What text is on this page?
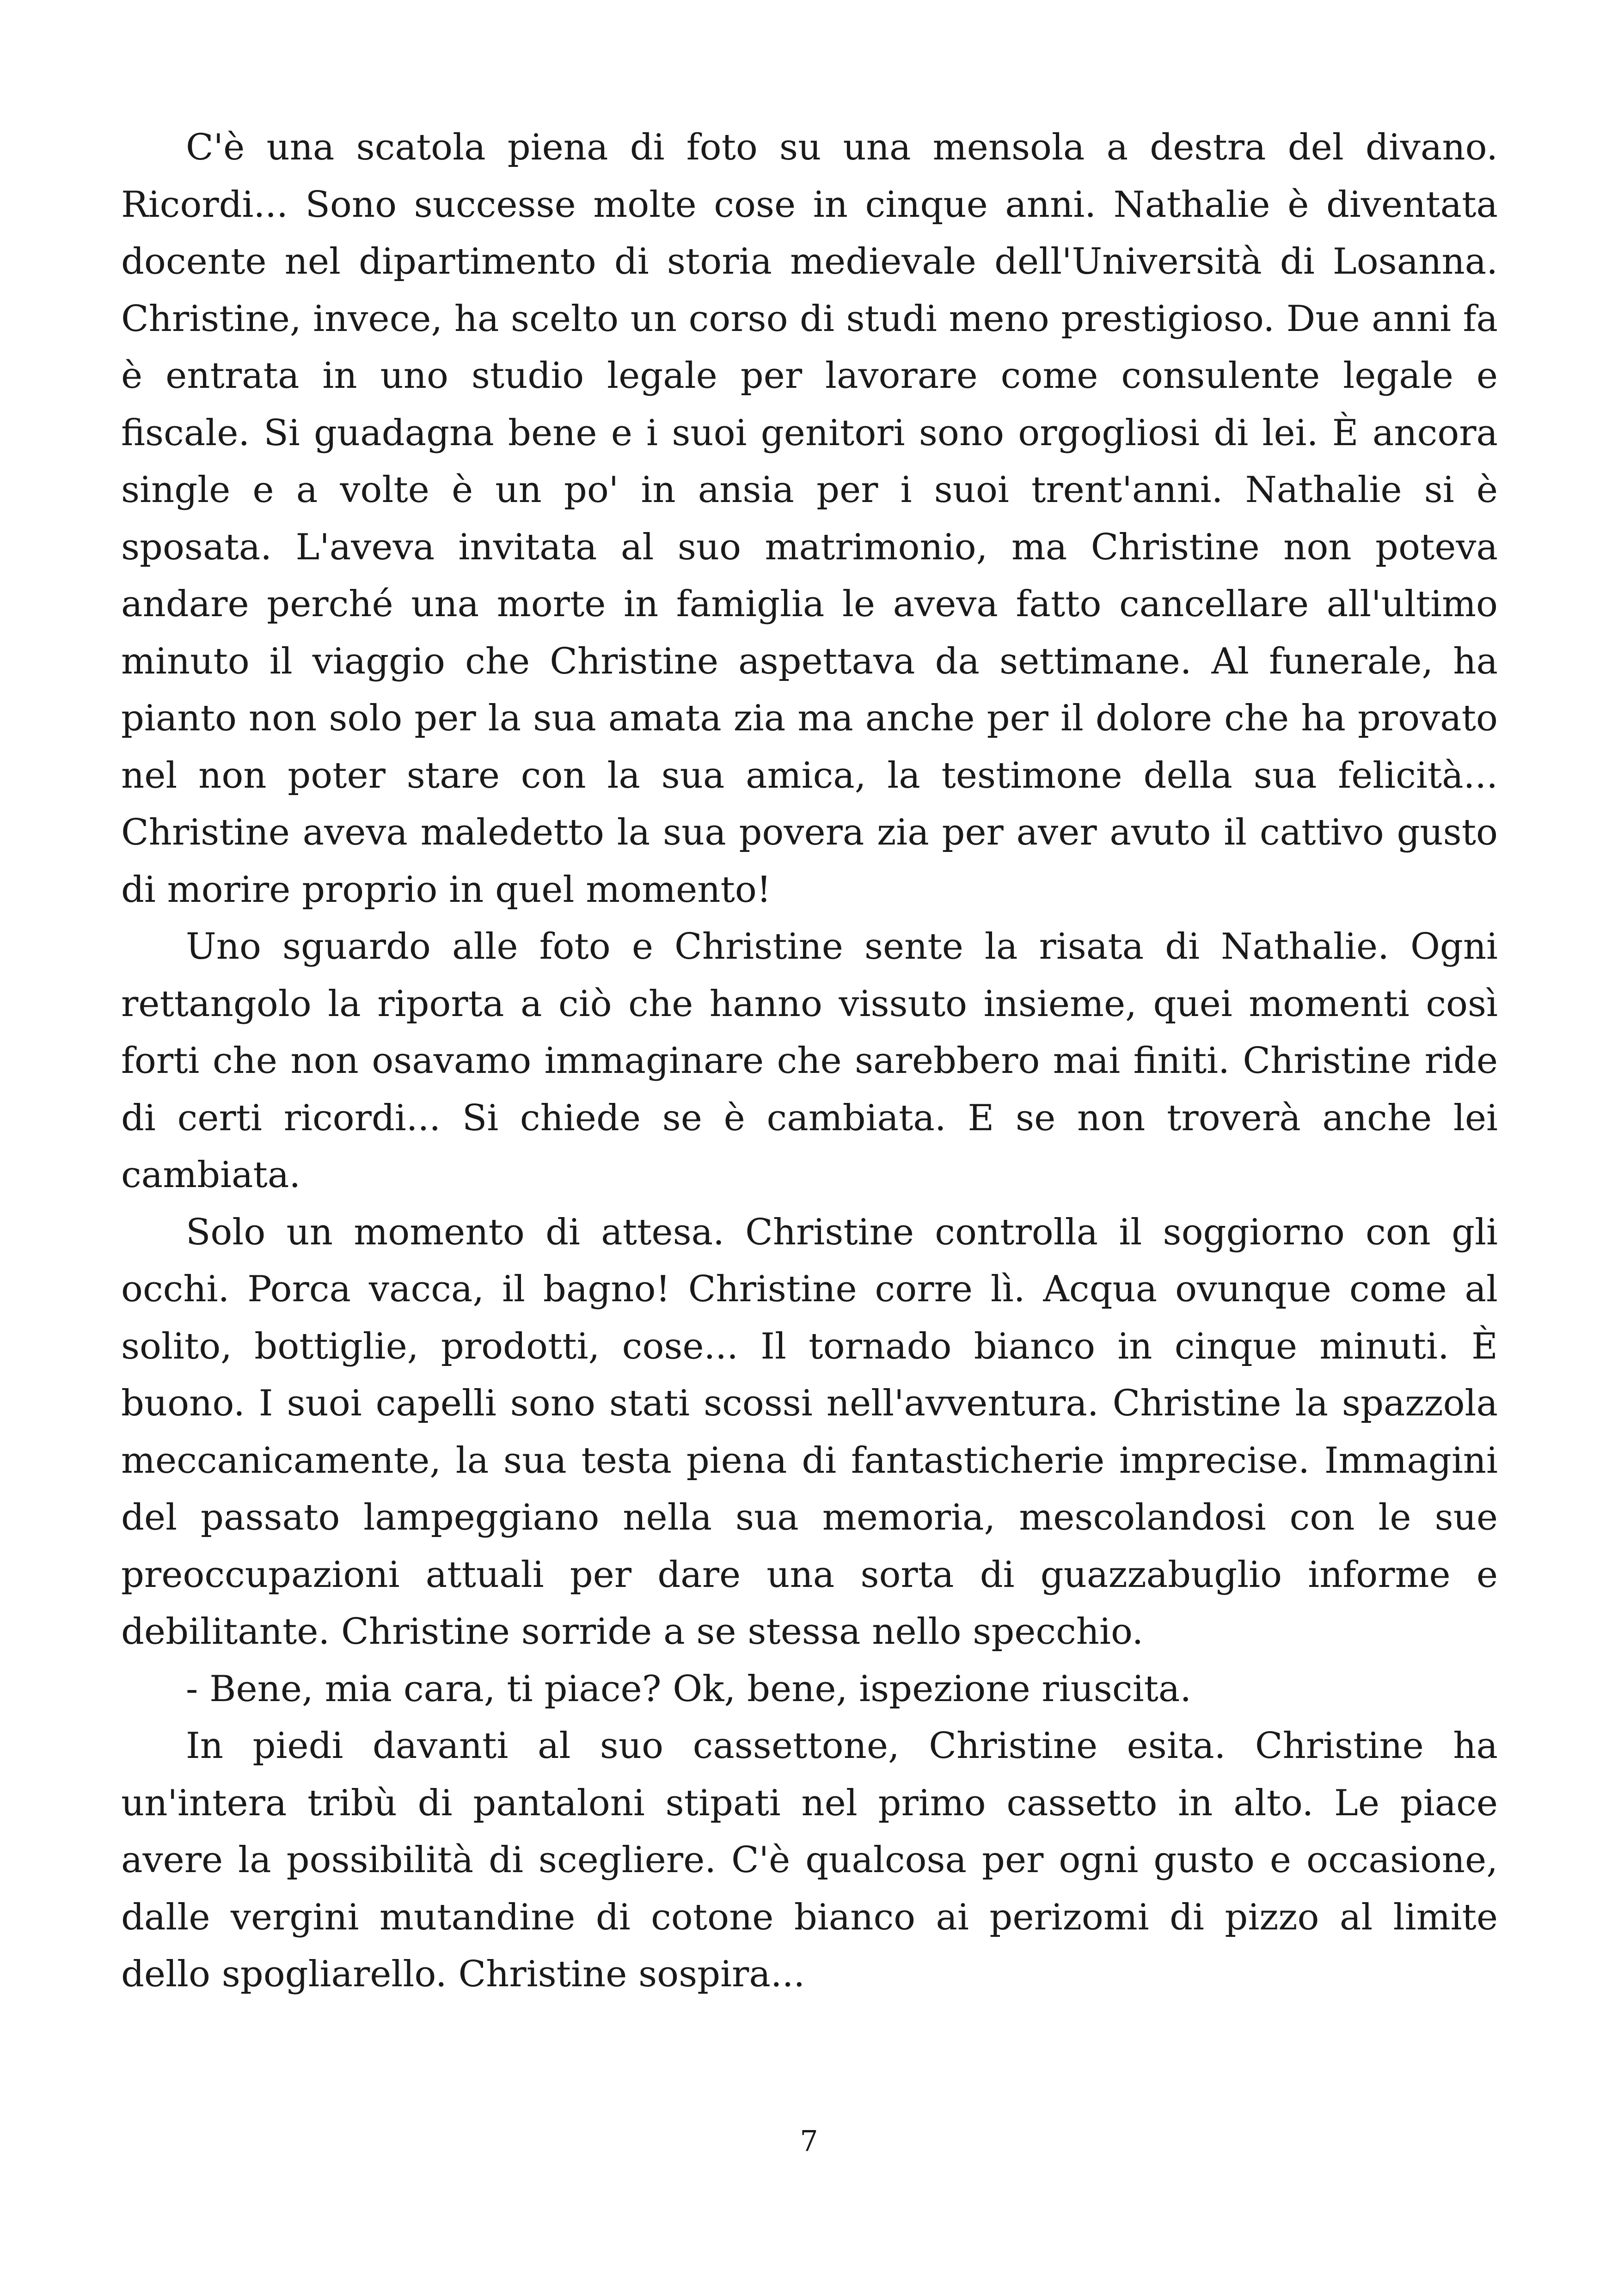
C'è una scatola piena di foto su una mensola a destra del divano. Ricordi... Sono successe molte cose in cinque anni. Nathalie è diventata docente nel dipartimento di storia medievale dell'Università di Losanna. Christine, invece, ha scelto un corso di studi meno prestigioso. Due anni fa è entrata in uno studio legale per lavorare come consulente legale e fiscale. Si guadagna bene e i suoi genitori sono orgogliosi di lei. È ancora single e a volte è un po' in ansia per i suoi trent'anni. Nathalie si è sposata. L'aveva invitata al suo matrimonio, ma Christine non poteva andare perché una morte in famiglia le aveva fatto cancellare all'ultimo minuto il viaggio che Christine aspettava da settimane. Al funerale, ha pianto non solo per la sua amata zia ma anche per il dolore che ha provato nel non poter stare con la sua amica, la testimone della sua felicità... Christine aveva maledetto la sua povera zia per aver avuto il cattivo gusto di morire proprio in quel momento!

Uno sguardo alle foto e Christine sente la risata di Nathalie. Ogni rettangolo la riporta a ciò che hanno vissuto insieme, quei momenti così forti che non osavamo immaginare che sarebbero mai finiti. Christine ride di certi ricordi... Si chiede se è cambiata. E se non troverà anche lei cambiata.

Solo un momento di attesa. Christine controlla il soggiorno con gli occhi. Porca vacca, il bagno! Christine corre lì. Acqua ovunque come al solito, bottiglie, prodotti, cose... Il tornado bianco in cinque minuti. È buono. I suoi capelli sono stati scossi nell'avventura. Christine la spazzola meccanicamente, la sua testa piena di fantasticherie imprecise. Immagini del passato lampeggiano nella sua memoria, mescolandosi con le sue preoccupazioni attuali per dare una sorta di guazzabuglio informe e debilitante. Christine sorride a se stessa nello specchio.

- Bene, mia cara, ti piace? Ok, bene, ispezione riuscita.

In piedi davanti al suo cassettone, Christine esita. Christine ha un'intera tribù di pantaloni stipati nel primo cassetto in alto. Le piace avere la possibilità di scegliere. C'è qualcosa per ogni gusto e occasione, dalle vergini mutandine di cotone bianco ai perizomi di pizzo al limite dello spogliarello. Christine sospira...

7
